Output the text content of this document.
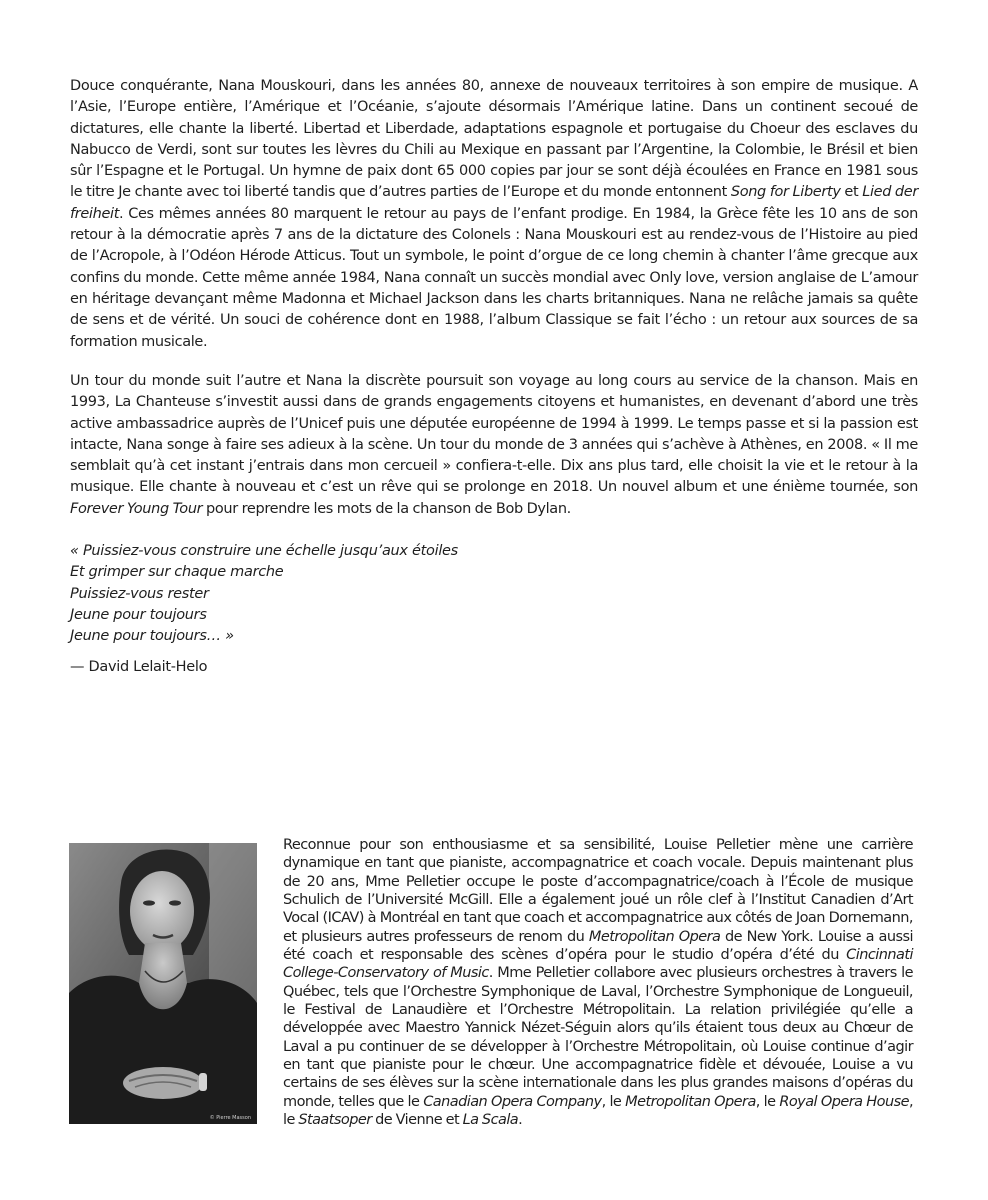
Douce conquérante, Nana Mouskouri, dans les années 80, annexe de nouveaux territoires à son empire de musique. A l’Asie, l’Europe entière, l’Amérique et l’Océanie, s’ajoute désormais l’Amérique latine. Dans un continent secoué de dictatures, elle chante la liberté. Libertad et Liberdade, adaptations espagnole et portugaise du Choeur des esclaves du Nabucco de Verdi, sont sur toutes les lèvres du Chili au Mexique en passant par l’Argentine, la Colombie, le Brésil et bien sûr l’Espagne et le Portugal. Un hymne de paix dont 65 000 copies par jour se sont déjà écoulées en France en 1981 sous le titre Je chante avec toi liberté tandis que d’autres parties de l’Europe et du monde entonnent Song for Liberty et Lied der freiheit. Ces mêmes années 80 marquent le retour au pays de l’enfant prodige. En 1984, la Grèce fête les 10 ans de son retour à la démocratie après 7 ans de la dictature des Colonels : Nana Mouskouri est au rendez-vous de l’Histoire au pied de l’Acropole, à l’Odéon Hérode Atticus. Tout un symbole, le point d’orgue de ce long chemin à chanter l’âme grecque aux confins du monde. Cette même année 1984, Nana connaît un succès mondial avec Only love, version anglaise de L’amour en héritage devançant même Madonna et Michael Jackson dans les charts britanniques. Nana ne relâche jamais sa quête de sens et de vérité. Un souci de cohérence dont en 1988, l’album Classique se fait l’écho : un retour aux sources de sa formation musicale.

Un tour du monde suit l’autre et Nana la discrète poursuit son voyage au long cours au service de la chanson. Mais en 1993, La Chanteuse s’investit aussi dans de grands engagements citoyens et humanistes, en devenant d’abord une très active ambassadrice auprès de l’Unicef puis une députée européenne de 1994 à 1999. Le temps passe et si la passion est intacte, Nana songe à faire ses adieux à la scène. Un tour du monde de 3 années qui s’achève à Athènes, en 2008. « Il me semblait qu’à cet instant j’entrais dans mon cercueil » confiera-t-elle. Dix ans plus tard, elle choisit la vie et le retour à la musique. Elle chante à nouveau et c’est un rêve qui se prolonge en 2018. Un nouvel album et une énième tournée, son Forever Young Tour pour reprendre les mots de la chanson de Bob Dylan.

« Puissiez-vous construire une échelle jusqu’aux étoiles
Et grimper sur chaque marche
Puissiez-vous rester
Jeune pour toujours
Jeune pour toujours… »
— David Lelait-Helo
© Pierre Masson

Reconnue pour son enthousiasme et sa sensibilité, Louise Pelletier mène une carrière dynamique en tant que pianiste, accompagnatrice et coach vocale. Depuis maintenant plus de 20 ans, Mme Pelletier occupe le poste d’accompagnatrice/coach à l’École de musique Schulich de l’Université McGill. Elle a également joué un rôle clef à l’Institut Canadien d’Art Vocal (ICAV) à Montréal en tant que coach et accompagnatrice aux côtés de Joan Dornemann, et plusieurs autres professeurs de renom du Metropolitan Opera de New York. Louise a aussi été coach et responsable des scènes d’opéra pour le studio d’opéra d’été du Cincinnati College-Conservatory of Music. Mme Pelletier collabore avec plusieurs orchestres à travers le Québec, tels que l’Orchestre Symphonique de Laval, l’Orchestre Symphonique de Longueuil, le Festival de Lanaudière et l’Orchestre Métropolitain. La relation privilégiée qu’elle a développée avec Maestro Yannick Nézet-Séguin alors qu’ils étaient tous deux au Chœur de Laval a pu continuer de se développer à l’Orchestre Métropolitain, où Louise continue d’agir en tant que pianiste pour le chœur. Une accompagnatrice fidèle et dévouée, Louise a vu certains de ses élèves sur la scène internationale dans les plus grandes maisons d’opéras du monde, telles que le Canadian Opera Company, le Metropolitan Opera, le Royal Opera House, le Staatsoper de Vienne et La Scala.
